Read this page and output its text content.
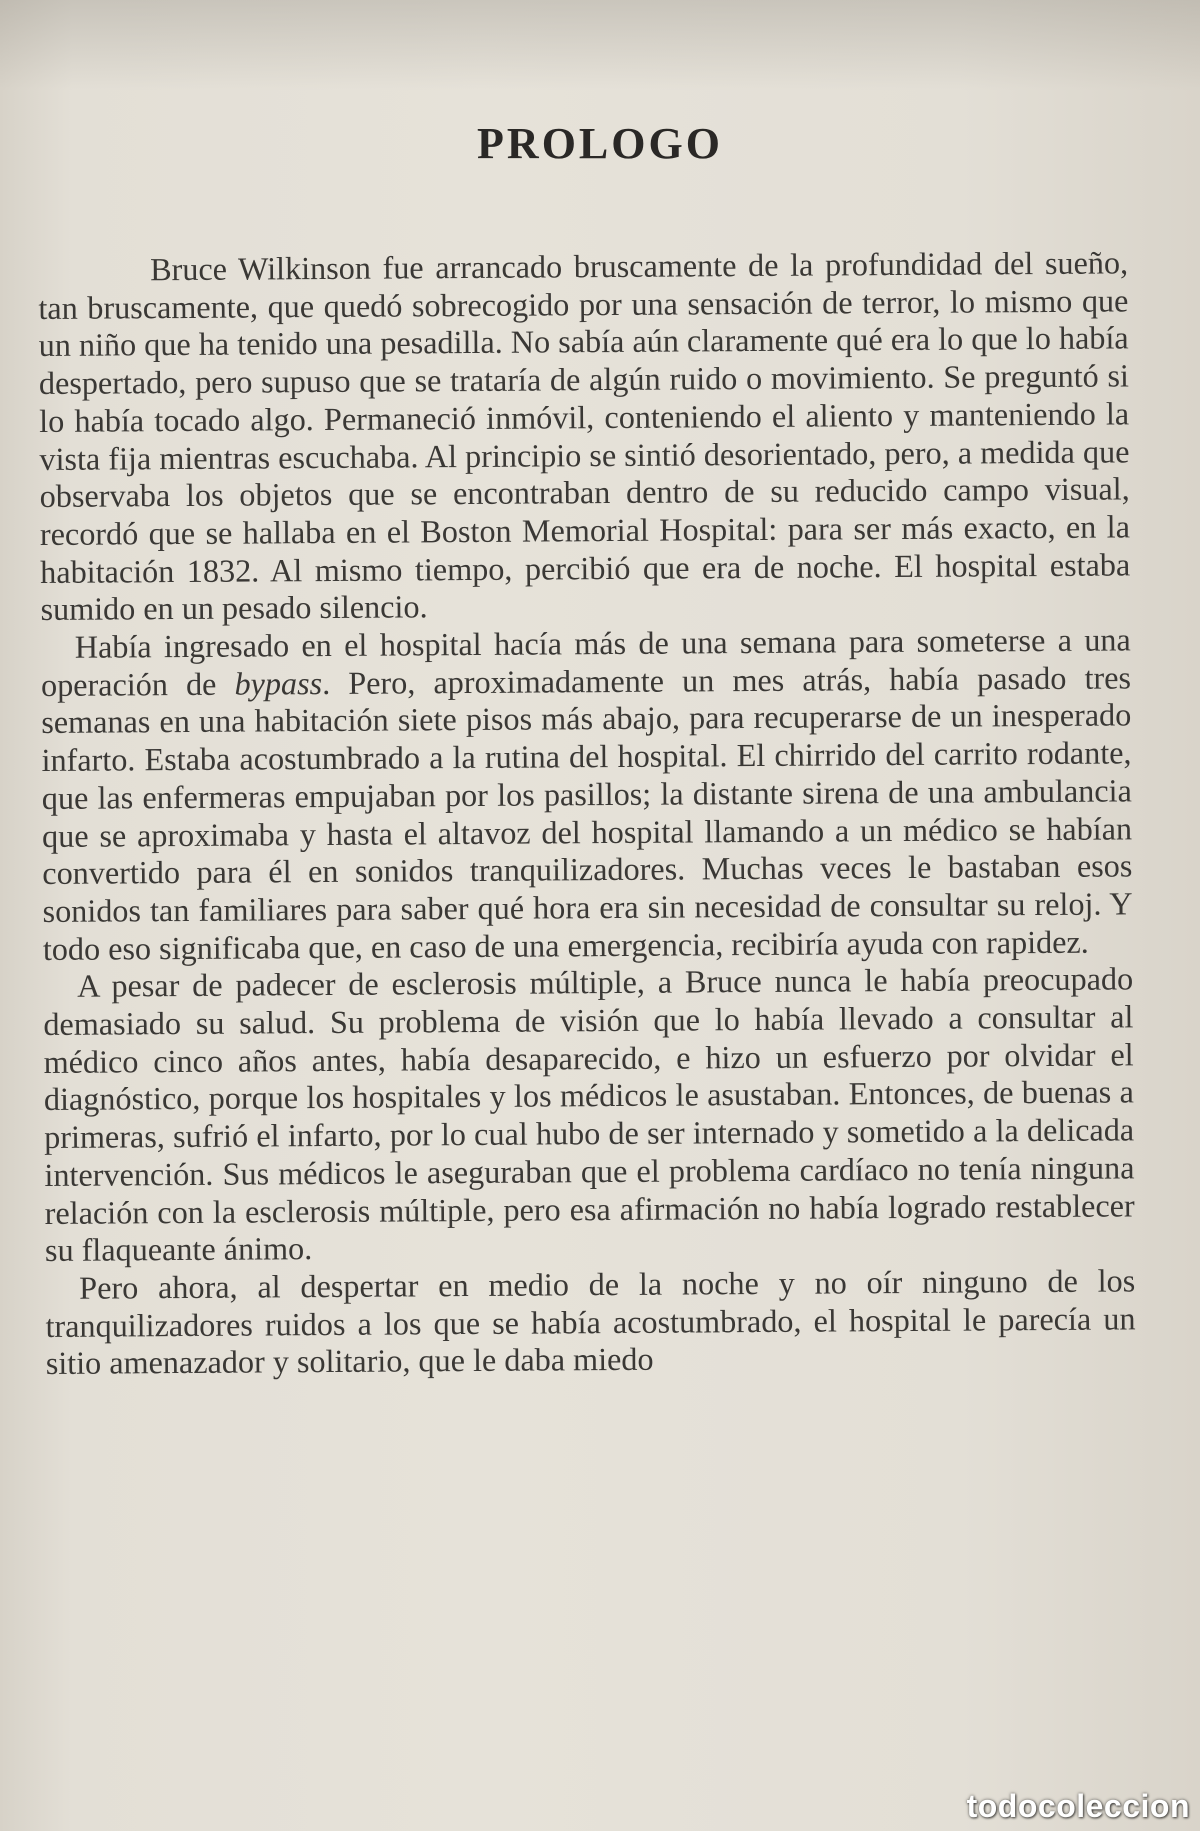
PROLOGO

Bruce Wilkinson fue arrancado bruscamente de la profundidad del sueño, tan bruscamente, que quedó sobrecogido por una sensación de terror, lo mismo que un niño que ha tenido una pesadilla. No sabía aún claramente qué era lo que lo había despertado, pero supuso que se trataría de algún ruido o movimiento. Se preguntó si lo había tocado algo. Permaneció inmóvil, conteniendo el aliento y manteniendo la vista fija mientras escuchaba. Al principio se sintió desorientado, pero, a medida que observaba los objetos que se encontraban dentro de su reducido campo visual, recordó que se hallaba en el Boston Memorial Hospital: para ser más exacto, en la habitación 1832. Al mismo tiempo, percibió que era de noche. El hospital estaba sumido en un pesado silencio.

Había ingresado en el hospital hacía más de una semana para someterse a una operación de bypass. Pero, aproximadamente un mes atrás, había pasado tres semanas en una habitación siete pisos más abajo, para recuperarse de un inesperado infarto. Estaba acostumbrado a la rutina del hospital. El chirrido del carrito rodante, que las enfermeras empujaban por los pasillos; la distante sirena de una ambulancia que se aproximaba y hasta el altavoz del hospital llamando a un médico se habían convertido para él en sonidos tranquilizadores. Muchas veces le bastaban esos sonidos tan familiares para saber qué hora era sin necesidad de consultar su reloj. Y todo eso significaba que, en caso de una emergencia, recibiría ayuda con rapidez.

A pesar de padecer de esclerosis múltiple, a Bruce nunca le había preocupado demasiado su salud. Su problema de visión que lo había llevado a consultar al médico cinco años antes, había desaparecido, e hizo un esfuerzo por olvidar el diagnóstico, porque los hospitales y los médicos le asustaban. Entonces, de buenas a primeras, sufrió el infarto, por lo cual hubo de ser internado y sometido a la delicada intervención. Sus médicos le aseguraban que el problema cardíaco no tenía ninguna relación con la esclerosis múltiple, pero esa afirmación no había logrado restablecer su flaqueante ánimo.

Pero ahora, al despertar en medio de la noche y no oír ninguno de los tranquilizadores ruidos a los que se había acostumbrado, el hospital le parecía un sitio amenazador y solitario, que le daba miedo

todocoleccion
